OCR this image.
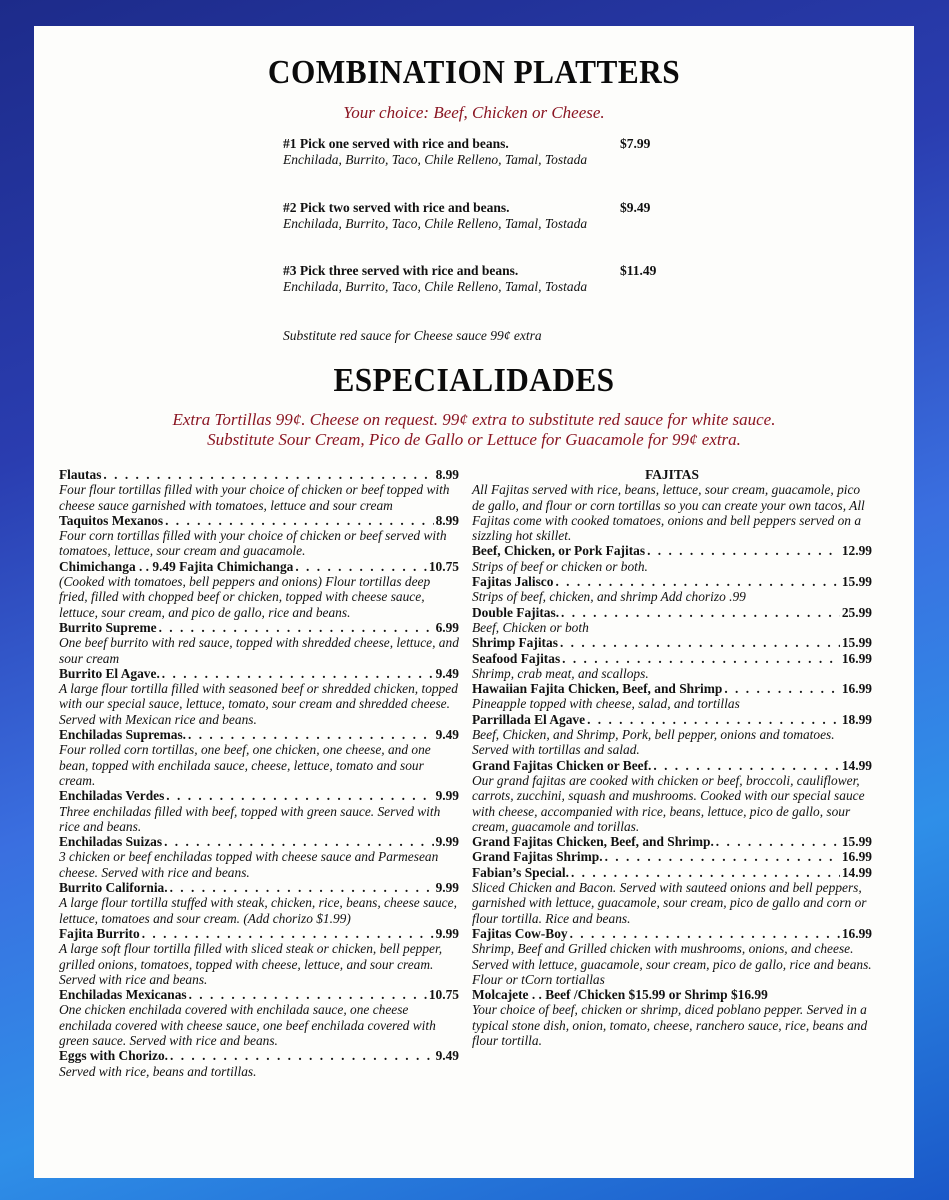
COMBINATION PLATTERS
Your choice: Beef, Chicken or Cheese.
#1 Pick one served with rice and beans.	$7.99
Enchilada, Burrito, Taco, Chile Relleno, Tamal, Tostada
#2 Pick two served with rice and beans.	$9.49
Enchilada, Burrito, Taco, Chile Relleno, Tamal, Tostada
#3 Pick three served with rice and beans.	$11.49
Enchilada, Burrito, Taco, Chile Relleno, Tamal, Tostada
Substitute red sauce for Cheese sauce 99¢ extra
ESPECIALIDADES
Extra Tortillas 99¢. Cheese on request. 99¢ extra to substitute red sauce for white sauce.
Substitute Sour Cream, Pico de Gallo or Lettuce for Guacamole for 99¢ extra.
Flautas . . .	8.99
Four flour tortillas filled with your choice of chicken or beef topped with cheese sauce garnished with tomatoes, lettuce and sour cream
Taquitos Mexanos . . .	8.99
Four corn tortillas filled with your choice of chicken or beef served with tomatoes, lettuce, sour cream and guacamole.
Chimichanga . . 9.49 Fajita Chimichanga . . .	10.75
(Cooked with tomatoes, bell peppers and onions) Flour tortillas deep fried, filled with chopped beef or chicken, topped with cheese sauce, lettuce, sour cream, and pico de gallo, rice and beans.
Burrito Supreme . . .	6.99
One beef burrito with red sauce, topped with shredded cheese, lettuce, and sour cream
Burrito El Agave. . . .	9.49
A large flour tortilla filled with seasoned beef or shredded chicken, topped with our special sauce, lettuce, tomato, sour cream and shredded cheese. Served with Mexican rice and beans.
Enchiladas Supremas. . . .	9.49
Four rolled corn tortillas, one beef, one chicken, one cheese, and one bean, topped with enchilada sauce, cheese, lettuce, tomato and sour cream.
Enchiladas Verdes . . .	9.99
Three enchiladas filled with beef, topped with green sauce. Served with rice and beans.
Enchiladas Suizas . . .	9.99
3 chicken or beef enchiladas topped with cheese sauce and Parmesean cheese. Served with rice and beans.
Burrito California. . . .	9.99
A large flour tortilla stuffed with steak, chicken, rice, beans, cheese sauce, lettuce, tomatoes and sour cream. (Add chorizo $1.99)
Fajita Burrito . . .	9.99
A large soft flour tortilla filled with sliced steak or chicken, bell pepper, grilled onions, tomatoes, topped with cheese, lettuce, and sour cream. Served with rice and beans.
Enchiladas Mexicanas . . .	10.75
One chicken enchilada covered with enchilada sauce, one cheese enchilada covered with cheese sauce, one beef enchilada covered with green sauce. Served with rice and beans.
Eggs with Chorizo. . . .	9.49
Served with rice, beans and tortillas.
FAJITAS
All Fajitas served with rice, beans, lettuce, sour cream, guacamole, pico de gallo, and flour or corn tortillas so you can create your own tacos, All Fajitas come with cooked tomatoes, onions and bell peppers served on a sizzling hot skillet.
Beef, Chicken, or Pork Fajitas . . .	12.99
Strips of beef or chicken or both.
Fajitas Jalisco . . .	15.99
Strips of beef, chicken, and shrimp Add chorizo .99
Double Fajitas. . . .	25.99
Beef, Chicken or both
Shrimp Fajitas . . .	15.99
Seafood Fajitas . . .	16.99
Shrimp, crab meat, and scallops.
Hawaiian Fajita Chicken, Beef, and Shrimp . . .	16.99
Pineapple topped with cheese, salad, and tortillas
Parrillada El Agave . . .	18.99
Beef, Chicken, and Shrimp, Pork, bell pepper, onions and tomatoes. Served with tortillas and salad.
Grand Fajitas Chicken or Beef. . . .	14.99
Our grand fajitas are cooked with chicken or beef, broccoli, cauliflower, carrots, zucchini, squash and mushrooms. Cooked with our special sauce with cheese, accompanied with rice, beans, lettuce, pico de gallo, sour cream, guacamole and torillas.
Grand Fajitas Chicken, Beef, and Shrimp. . . .	15.99
Grand Fajitas Shrimp. . . .	16.99
Fabian’s Special. . . .	14.99
Sliced Chicken and Bacon. Served with sauteed onions and bell peppers, garnished with lettuce, guacamole, sour cream, pico de gallo and corn or flour tortilla. Rice and beans.
Fajitas Cow-Boy . . .	16.99
Shrimp, Beef and Grilled chicken with mushrooms, onions, and cheese. Served with lettuce, guacamole, sour cream, pico de gallo, rice and beans. Flour or tCorn tortiallas
Molcajete . . Beef /Chicken $15.99 or Shrimp $16.99
Your choice of beef, chicken or shrimp, diced poblano pepper. Served in a typical stone dish, onion, tomato, cheese, ranchero sauce, rice, beans and flour tortilla.
